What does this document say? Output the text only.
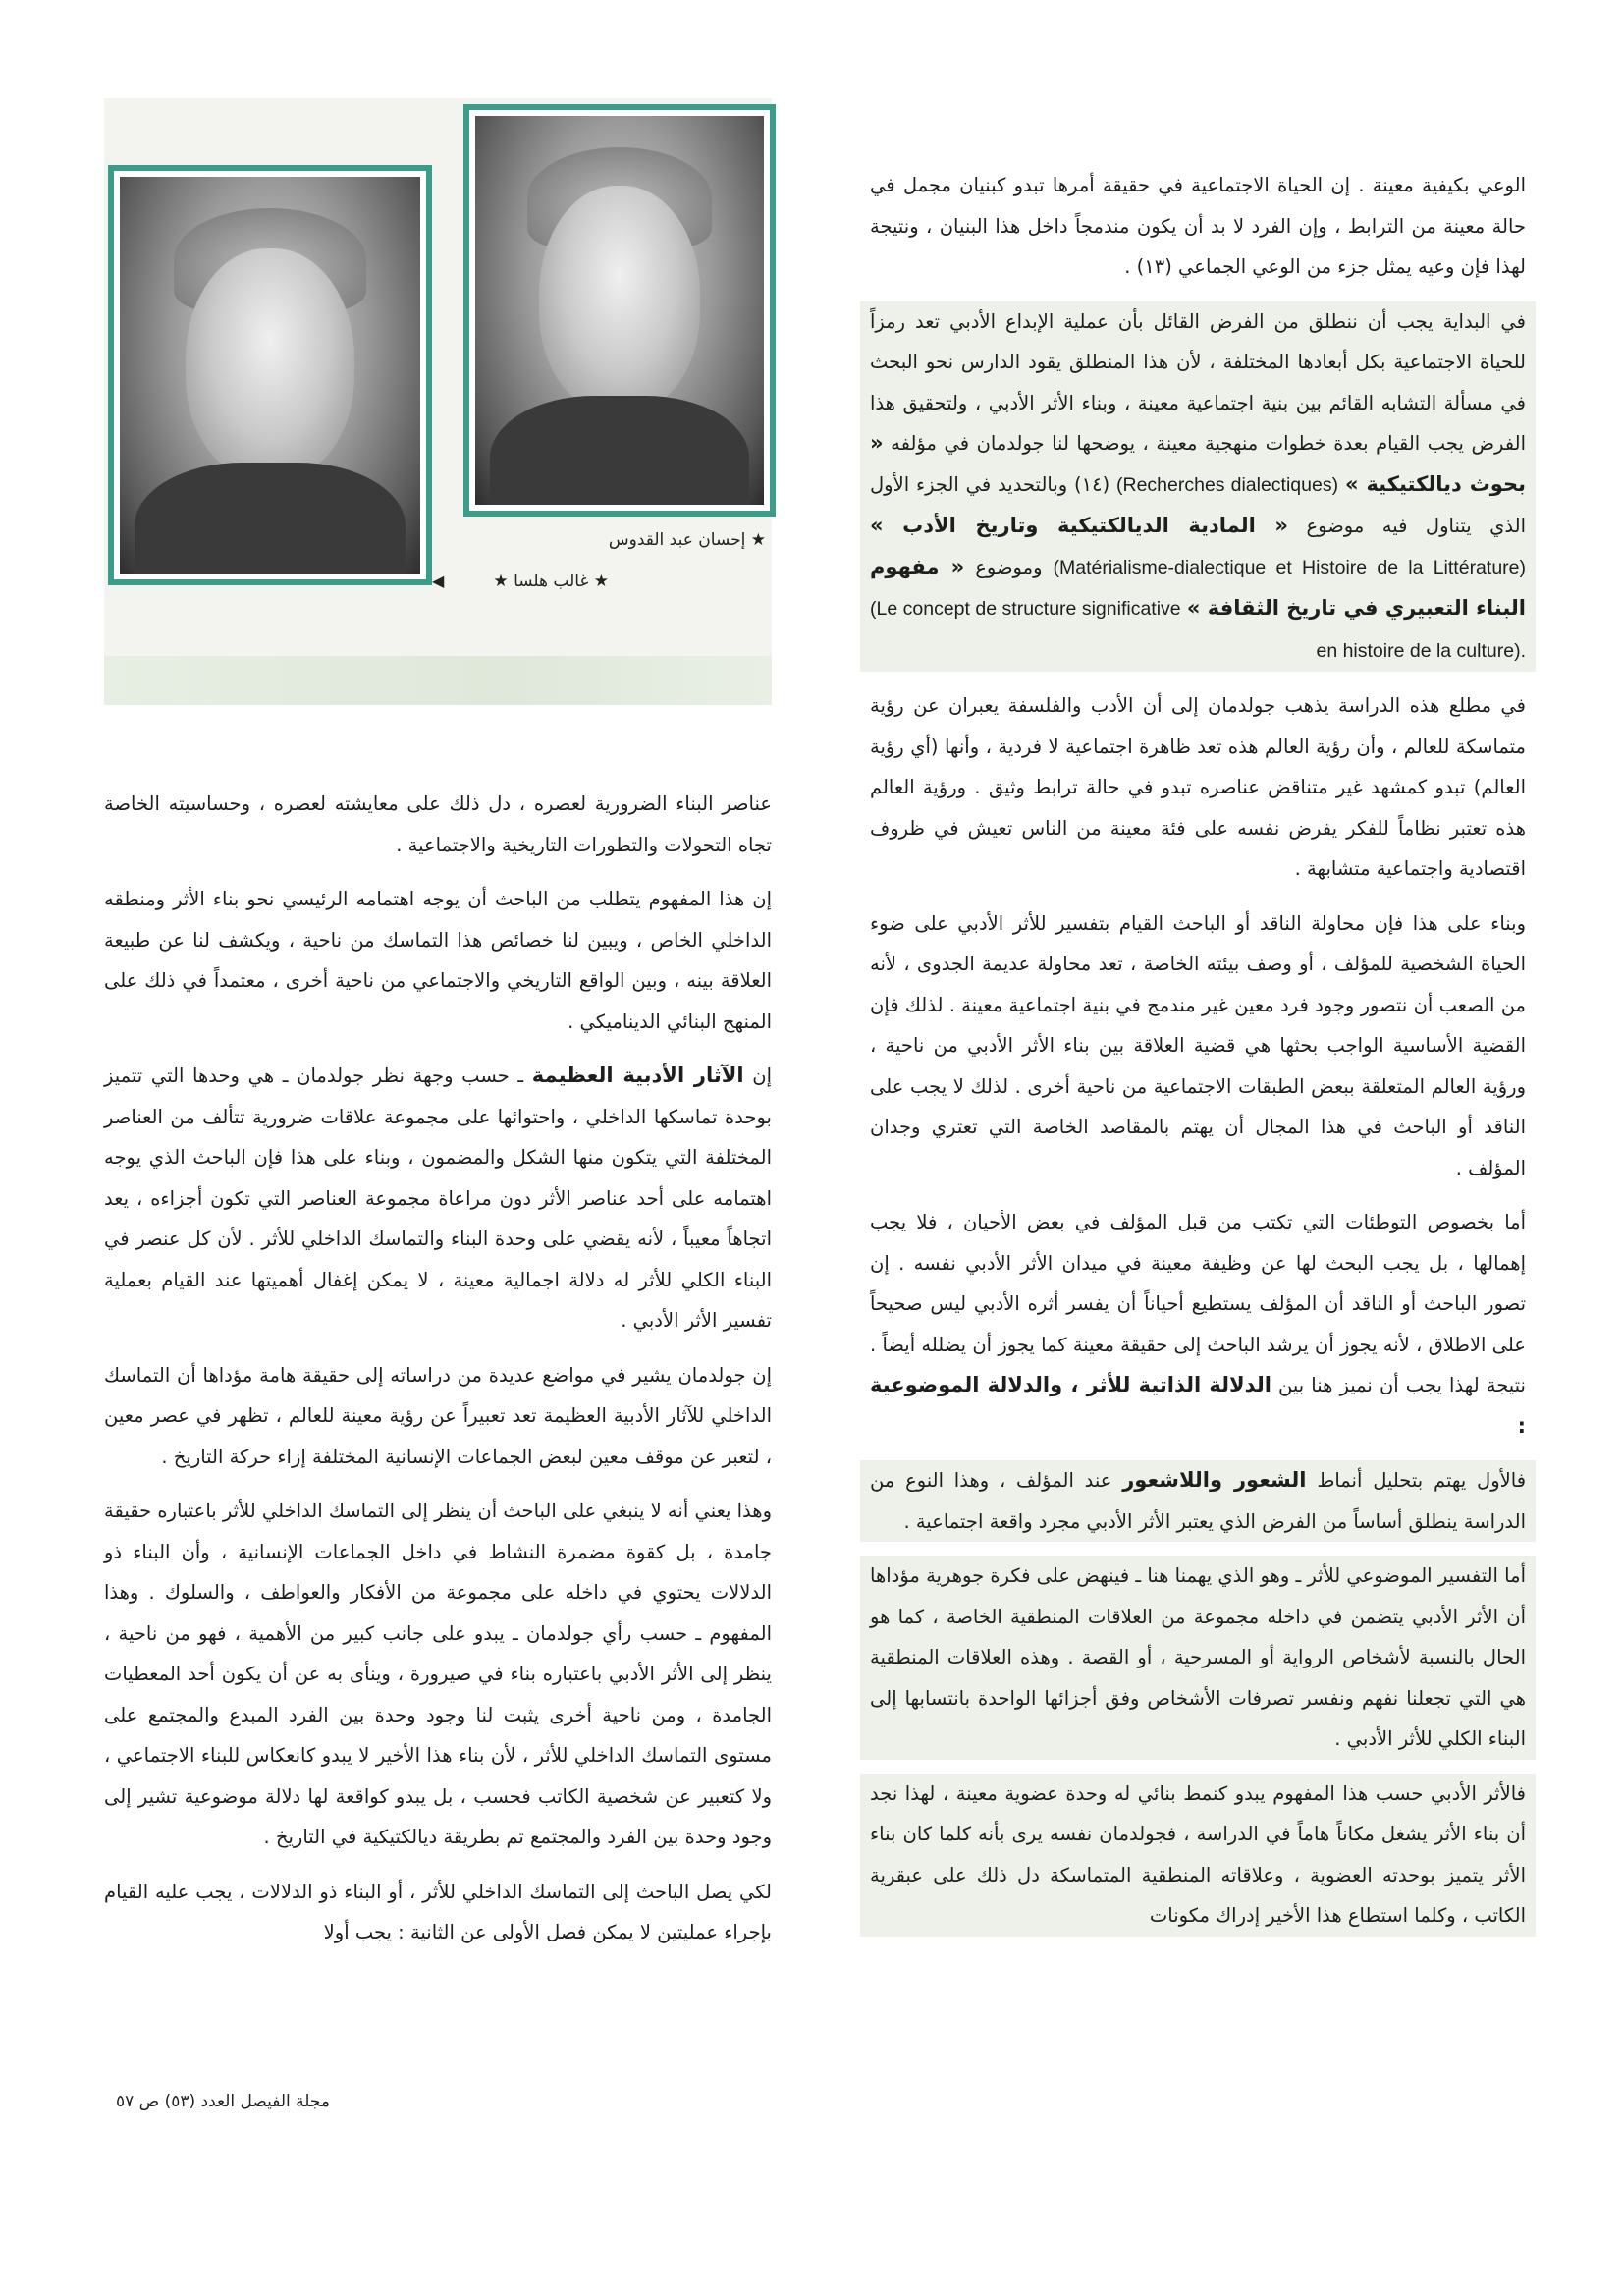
★ إحسان عبد القدوس
★ غالب هلسا ★
◀

الوعي بكيفية معينة . إن الحياة الاجتماعية في حقيقة أمرها تبدو كبنيان مجمل في حالة معينة من الترابط ، وإن الفرد لا بد أن يكون مندمجاً داخل هذا البنيان ، ونتيجة لهذا فإن وعيه يمثل جزء من الوعي الجماعي (١٣) .

في البداية يجب أن ننطلق من الفرض القائل بأن عملية الإبداع الأدبي تعد رمزاً للحياة الاجتماعية بكل أبعادها المختلفة ، لأن هذا المنطلق يقود الدارس نحو البحث في مسألة التشابه القائم بين بنية اجتماعية معينة ، وبناء الأثر الأدبي ، ولتحقيق هذا الفرض يجب القيام بعدة خطوات منهجية معينة ، يوضحها لنا جولدمان في مؤلفه « بحوث ديالكتيكية » (Recherches dialectiques) (١٤) وبالتحديد في الجزء الأول الذي يتناول فيه موضوع « المادية الديالكتيكية وتاريخ الأدب » (Matérialisme-dialectique et Histoire de la Littérature) وموضوع « مفهوم البناء التعبيري في تاريخ الثقافة » (Le concept de structure significative en histoire de la culture).

في مطلع هذه الدراسة يذهب جولدمان إلى أن الأدب والفلسفة يعبران عن رؤية متماسكة للعالم ، وأن رؤية العالم هذه تعد ظاهرة اجتماعية لا فردية ، وأنها (أي رؤية العالم) تبدو كمشهد غير متناقض عناصره تبدو في حالة ترابط وثيق . ورؤية العالم هذه تعتبر نظاماً للفكر يفرض نفسه على فئة معينة من الناس تعيش في ظروف اقتصادية واجتماعية متشابهة .

وبناء على هذا فإن محاولة الناقد أو الباحث القيام بتفسير للأثر الأدبي على ضوء الحياة الشخصية للمؤلف ، أو وصف بيئته الخاصة ، تعد محاولة عديمة الجدوى ، لأنه من الصعب أن نتصور وجود فرد معين غير مندمج في بنية اجتماعية معينة . لذلك فإن القضية الأساسية الواجب بحثها هي قضية العلاقة بين بناء الأثر الأدبي من ناحية ، ورؤية العالم المتعلقة ببعض الطبقات الاجتماعية من ناحية أخرى . لذلك لا يجب على الناقد أو الباحث في هذا المجال أن يهتم بالمقاصد الخاصة التي تعتري وجدان المؤلف .

أما بخصوص التوطئات التي تكتب من قبل المؤلف في بعض الأحيان ، فلا يجب إهمالها ، بل يجب البحث لها عن وظيفة معينة في ميدان الأثر الأدبي نفسه . إن تصور الباحث أو الناقد أن المؤلف يستطيع أحياناً أن يفسر أثره الأدبي ليس صحيحاً على الاطلاق ، لأنه يجوز أن يرشد الباحث إلى حقيقة معينة كما يجوز أن يضلله أيضاً . نتيجة لهذا يجب أن نميز هنا بين الدلالة الذاتية للأثر ، والدلالة الموضوعية :

فالأول يهتم بتحليل أنماط الشعور واللاشعور عند المؤلف ، وهذا النوع من الدراسة ينطلق أساساً من الفرض الذي يعتبر الأثر الأدبي مجرد واقعة اجتماعية .

أما التفسير الموضوعي للأثر ـ وهو الذي يهمنا هنا ـ فينهض على فكرة جوهرية مؤداها أن الأثر الأدبي يتضمن في داخله مجموعة من العلاقات المنطقية الخاصة ، كما هو الحال بالنسبة لأشخاص الرواية أو المسرحية ، أو القصة . وهذه العلاقات المنطقية هي التي تجعلنا نفهم ونفسر تصرفات الأشخاص وفق أجزائها الواحدة بانتسابها إلى البناء الكلي للأثر الأدبي .

فالأثر الأدبي حسب هذا المفهوم يبدو كنمط بنائي له وحدة عضوية معينة ، لهذا نجد أن بناء الأثر يشغل مكاناً هاماً في الدراسة ، فجولدمان نفسه يرى بأنه كلما كان بناء الأثر يتميز بوحدته العضوية ، وعلاقاته المنطقية المتماسكة دل ذلك على عبقرية الكاتب ، وكلما استطاع هذا الأخير إدراك مكونات

عناصر البناء الضرورية لعصره ، دل ذلك على معايشته لعصره ، وحساسيته الخاصة تجاه التحولات والتطورات التاريخية والاجتماعية .

إن هذا المفهوم يتطلب من الباحث أن يوجه اهتمامه الرئيسي نحو بناء الأثر ومنطقه الداخلي الخاص ، ويبين لنا خصائص هذا التماسك من ناحية ، ويكشف لنا عن طبيعة العلاقة بينه ، وبين الواقع التاريخي والاجتماعي من ناحية أخرى ، معتمداً في ذلك على المنهج البنائي الديناميكي .

إن الآثار الأدبية العظيمة ـ حسب وجهة نظر جولدمان ـ هي وحدها التي تتميز بوحدة تماسكها الداخلي ، واحتوائها على مجموعة علاقات ضرورية تتألف من العناصر المختلفة التي يتكون منها الشكل والمضمون ، وبناء على هذا فإن الباحث الذي يوجه اهتمامه على أحد عناصر الأثر دون مراعاة مجموعة العناصر التي تكون أجزاءه ، يعد اتجاهاً معيباً ، لأنه يقضي على وحدة البناء والتماسك الداخلي للأثر . لأن كل عنصر في البناء الكلي للأثر له دلالة اجمالية معينة ، لا يمكن إغفال أهميتها عند القيام بعملية تفسير الأثر الأدبي .

إن جولدمان يشير في مواضع عديدة من دراساته إلى حقيقة هامة مؤداها أن التماسك الداخلي للآثار الأدبية العظيمة تعد تعبيراً عن رؤية معينة للعالم ، تظهر في عصر معين ، لتعبر عن موقف معين لبعض الجماعات الإنسانية المختلفة إزاء حركة التاريخ .

وهذا يعني أنه لا ينبغي على الباحث أن ينظر إلى التماسك الداخلي للأثر باعتباره حقيقة جامدة ، بل كقوة مضمرة النشاط في داخل الجماعات الإنسانية ، وأن البناء ذو الدلالات يحتوي في داخله على مجموعة من الأفكار والعواطف ، والسلوك . وهذا المفهوم ـ حسب رأي جولدمان ـ يبدو على جانب كبير من الأهمية ، فهو من ناحية ، ينظر إلى الأثر الأدبي باعتباره بناء في صيرورة ، وينأى به عن أن يكون أحد المعطيات الجامدة ، ومن ناحية أخرى يثبت لنا وجود وحدة بين الفرد المبدع والمجتمع على مستوى التماسك الداخلي للأثر ، لأن بناء هذا الأخير لا يبدو كانعكاس للبناء الاجتماعي ، ولا كتعبير عن شخصية الكاتب فحسب ، بل يبدو كواقعة لها دلالة موضوعية تشير إلى وجود وحدة بين الفرد والمجتمع تم بطريقة ديالكتيكية في التاريخ .

لكي يصل الباحث إلى التماسك الداخلي للأثر ، أو البناء ذو الدلالات ، يجب عليه القيام بإجراء عمليتين لا يمكن فصل الأولى عن الثانية : يجب أولا

مجلة الفيصل العدد (٥٣) ص ٥٧
